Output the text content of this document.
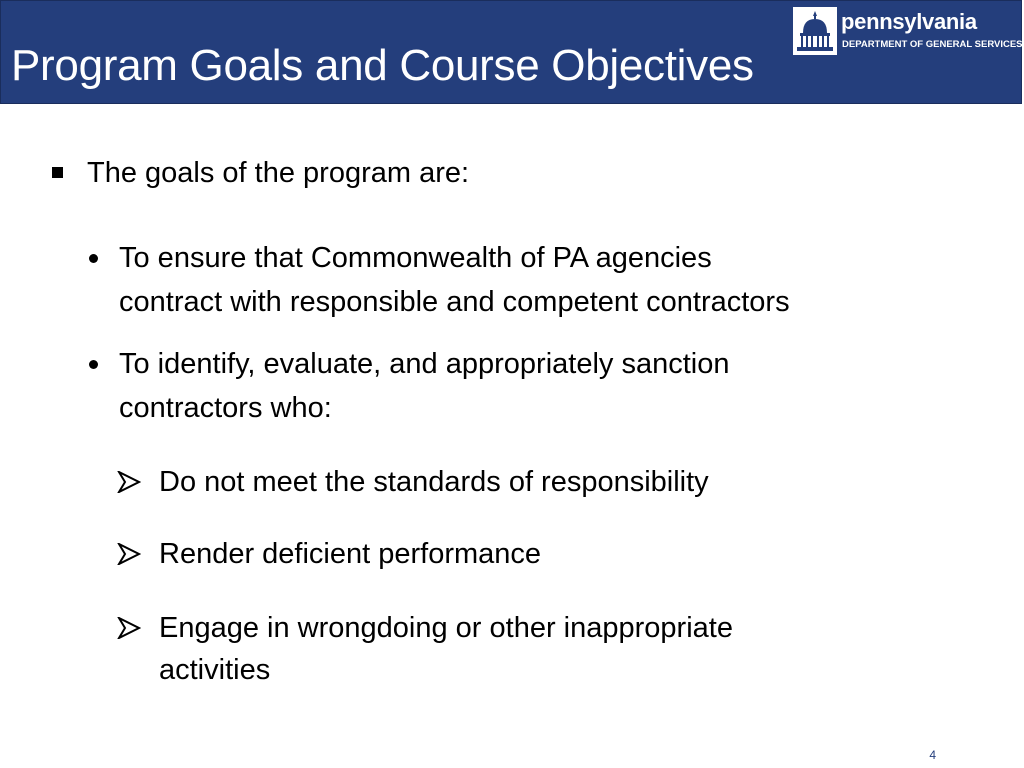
Program Goals and Course Objectives
pennsylvania
DEPARTMENT OF GENERAL SERVICES
The goals of the program are:
To ensure that Commonwealth of PA agencies
contract with responsible and competent contractors
To identify, evaluate, and appropriately sanction
contractors who:
Do not meet the standards of responsibility
Render deficient performance
Engage in wrongdoing or other inappropriate
activities
4
